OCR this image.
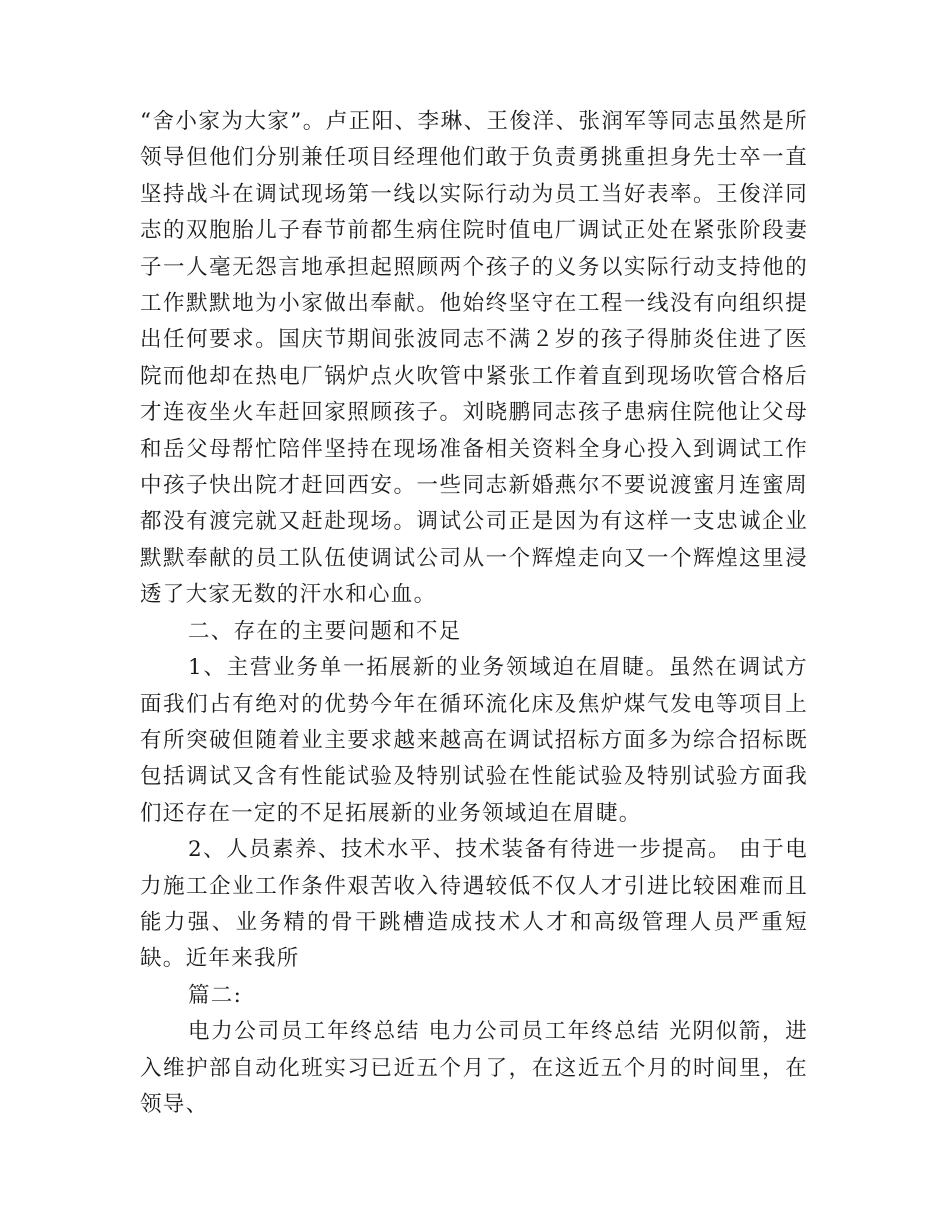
“舍小家为大家”。卢正阳、李琳、王俊洋、张润军等同志虽然是所领导但他们分别兼任项目经理他们敢于负责勇挑重担身先士卒一直坚持战斗在调试现场第一线以实际行动为员工当好表率。王俊洋同志的双胞胎儿子春节前都生病住院时值电厂调试正处在紧张阶段妻子一人毫无怨言地承担起照顾两个孩子的义务以实际行动支持他的工作默默地为小家做出奉献。他始终坚守在工程一线没有向组织提出任何要求。国庆节期间张波同志不满２岁的孩子得肺炎住进了医院而他却在热电厂锅炉点火吹管中紧张工作着直到现场吹管合格后才连夜坐火车赶回家照顾孩子。刘晓鹏同志孩子患病住院他让父母和岳父母帮忙陪伴坚持在现场准备相关资料全身心投入到调试工作中孩子快出院才赶回西安。一些同志新婚燕尔不要说渡蜜月连蜜周都没有渡完就又赶赴现场。调试公司正是因为有这样一支忠诚企业默默奉献的员工队伍使调试公司从一个辉煌走向又一个辉煌这里浸透了大家无数的汗水和心血。

二、存在的主要问题和不足

1、主营业务单一拓展新的业务领域迫在眉睫。虽然在调试方面我们占有绝对的优势今年在循环流化床及焦炉煤气发电等项目上有所突破但随着业主要求越来越高在调试招标方面多为综合招标既包括调试又含有性能试验及特别试验在性能试验及特别试验方面我们还存在一定的不足拓展新的业务领域迫在眉睫。

2、人员素养、技术水平、技术装备有待进一步提高。 由于电力施工企业工作条件艰苦收入待遇较低不仅人才引进比较困难而且能力强、业务精的骨干跳槽造成技术人才和高级管理人员严重短缺。近年来我所

篇二:

电力公司员工年终总结 电力公司员工年终总结 光阴似箭，进入维护部自动化班实习已近五个月了，在这近五个月的时间里，在领导、
